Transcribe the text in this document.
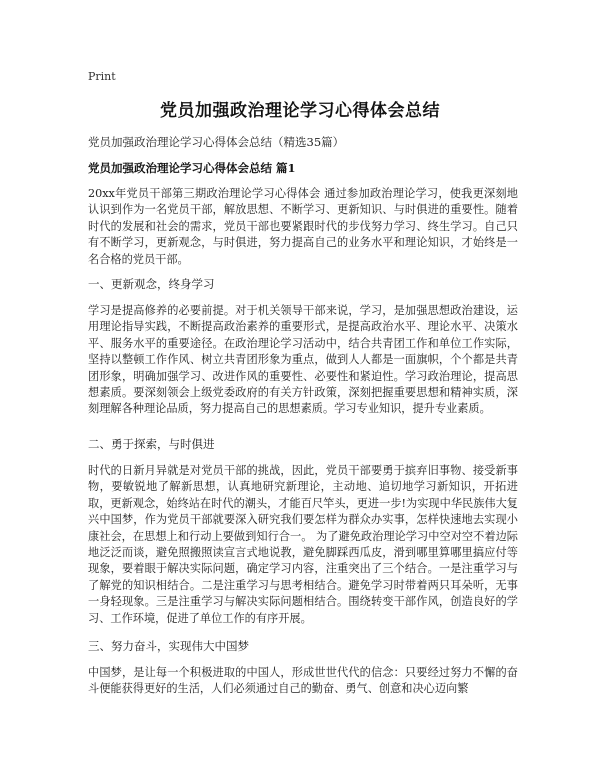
Print
党员加强政治理论学习心得体会总结
党员加强政治理论学习心得体会总结（精选35篇）
党员加强政治理论学习心得体会总结 篇1

20xx年党员干部第三期政治理论学习心得体会 通过参加政治理论学习，使我更深刻地认识到作为一名党员干部，解放思想、不断学习、更新知识、与时俱进的重要性。随着时代的发展和社会的需求，党员干部也要紧跟时代的步伐努力学习、终生学习。自己只有不断学习，更新观念，与时俱进，努力提高自己的业务水平和理论知识，才始终是一名合格的党员干部。

一、更新观念，终身学习

学习是提高修养的必要前提。对于机关领导干部来说，学习，是加强思想政治建设，运用理论指导实践，不断提高政治素养的重要形式，是提高政治水平、理论水平、决策水平、服务水平的重要途径。在政治理论学习活动中，结合共青团工作和单位工作实际，坚持以整顿工作作风、树立共青团形象为重点，做到人人都是一面旗帜，个个都是共青团形象，明确加强学习、改进作风的重要性、必要性和紧迫性。学习政治理论，提高思想素质。要深刻领会上级党委政府的有关方针政策，深刻把握重要思想和精神实质，深刻理解各种理论品质，努力提高自己的思想素质。学习专业知识，提升专业素质。

二、勇于探索，与时俱进

时代的日新月异就是对党员干部的挑战，因此，党员干部要勇于摈弃旧事物、接受新事物，要敏锐地了解新思想，认真地研究新理论，主动地、追切地学习新知识，开拓进取，更新观念，始终站在时代的潮头，才能百尺竿头，更进一步!为实现中华民族伟大复兴中国梦，作为党员干部就要深入研究我们要怎样为群众办实事，怎样快速地去实现小康社会，在思想上和行动上要做到知行合一。 为了避免政治理论学习中空对空不着边际地泛泛而谈，避免照搬照读宣言式地说教，避免脚踩西瓜皮，滑到哪里算哪里搞应付等现象，要着眼于解决实际问题，确定学习内容，注重突出了三个结合。一是注重学习与了解党的知识相结合。二是注重学习与思考相结合。避免学习时带着两只耳朵听，无事一身轻现象。三是注重学习与解决实际问题相结合。围绕转变干部作风，创造良好的学习、工作环境，促进了单位工作的有序开展。

三、努力奋斗，实现伟大中国梦

中国梦，是让每一个积极进取的中国人，形成世世代代的信念：只要经过努力不懈的奋斗便能获得更好的生活，人们必须通过自己的勤奋、勇气、创意和决心迈向繁
